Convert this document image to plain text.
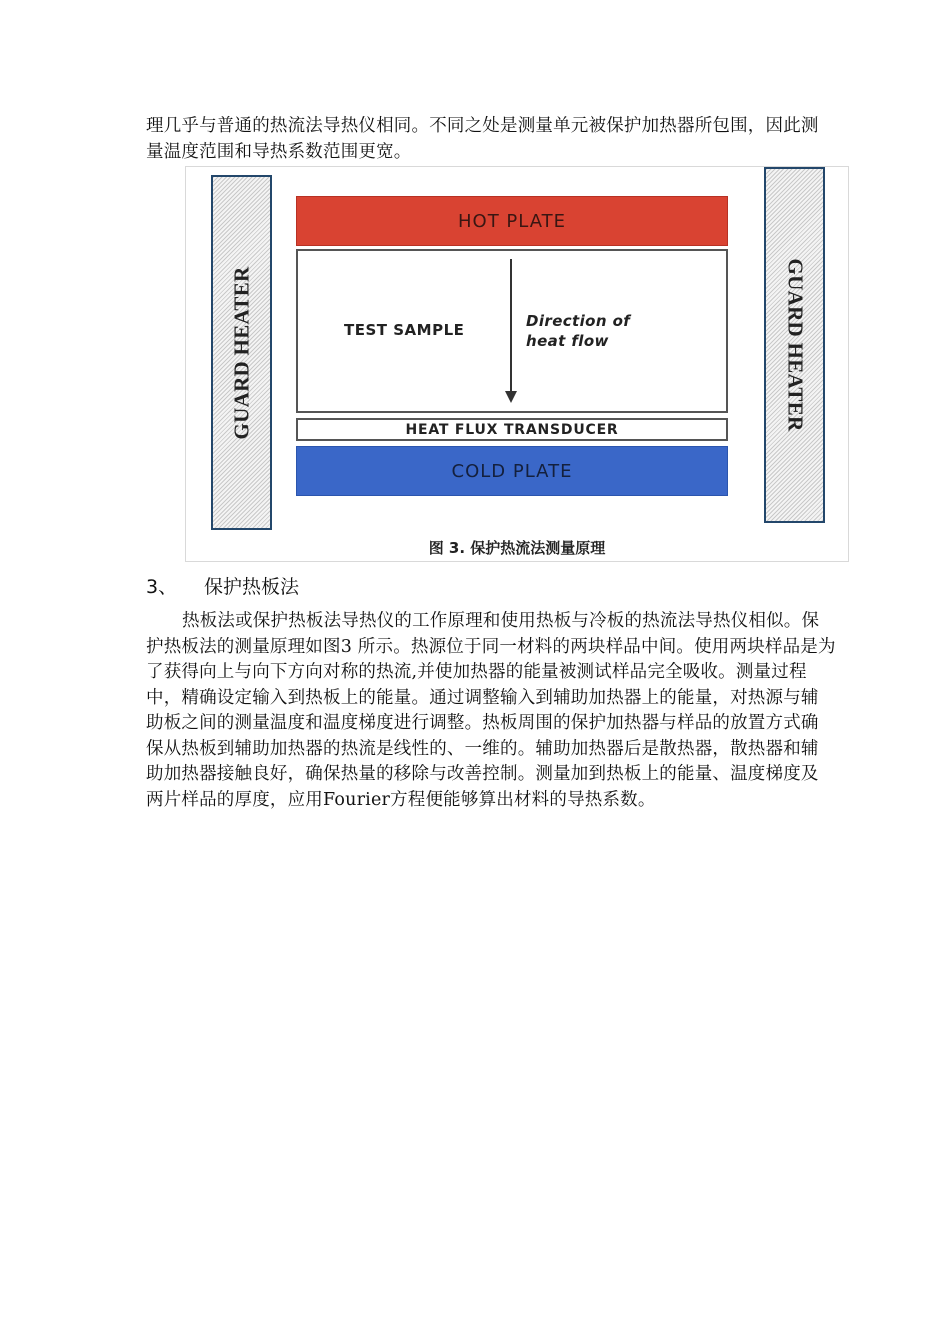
理几乎与普通的热流法导热仪相同。不同之处是测量单元被保护加热器所包围，因此测量温度范围和导热系数范围更宽。

GUARD HEATER	GUARD HEATER
HOT PLATE
TEST SAMPLE	Direction of
heat flow
HEAT FLUX TRANSDUCER
COLD PLATE
图 3. 保护热流法测量原理
3、 保护热板法

热板法或保护热板法导热仪的工作原理和使用热板与冷板的热流法导热仪相似。保护热板法的测量原理如图3 所示。热源位于同一材料的两块样品中间。使用两块样品是为了获得向上与向下方向对称的热流,并使加热器的能量被测试样品完全吸收。测量过程中，精确设定输入到热板上的能量。通过调整输入到辅助加热器上的能量，对热源与辅助板之间的测量温度和温度梯度进行调整。热板周围的保护加热器与样品的放置方式确保从热板到辅助加热器的热流是线性的、一维的。辅助加热器后是散热器，散热器和辅助加热器接触良好，确保热量的移除与改善控制。测量加到热板上的能量、温度梯度及两片样品的厚度，应用Fourier方程便能够算出材料的导热系数。
